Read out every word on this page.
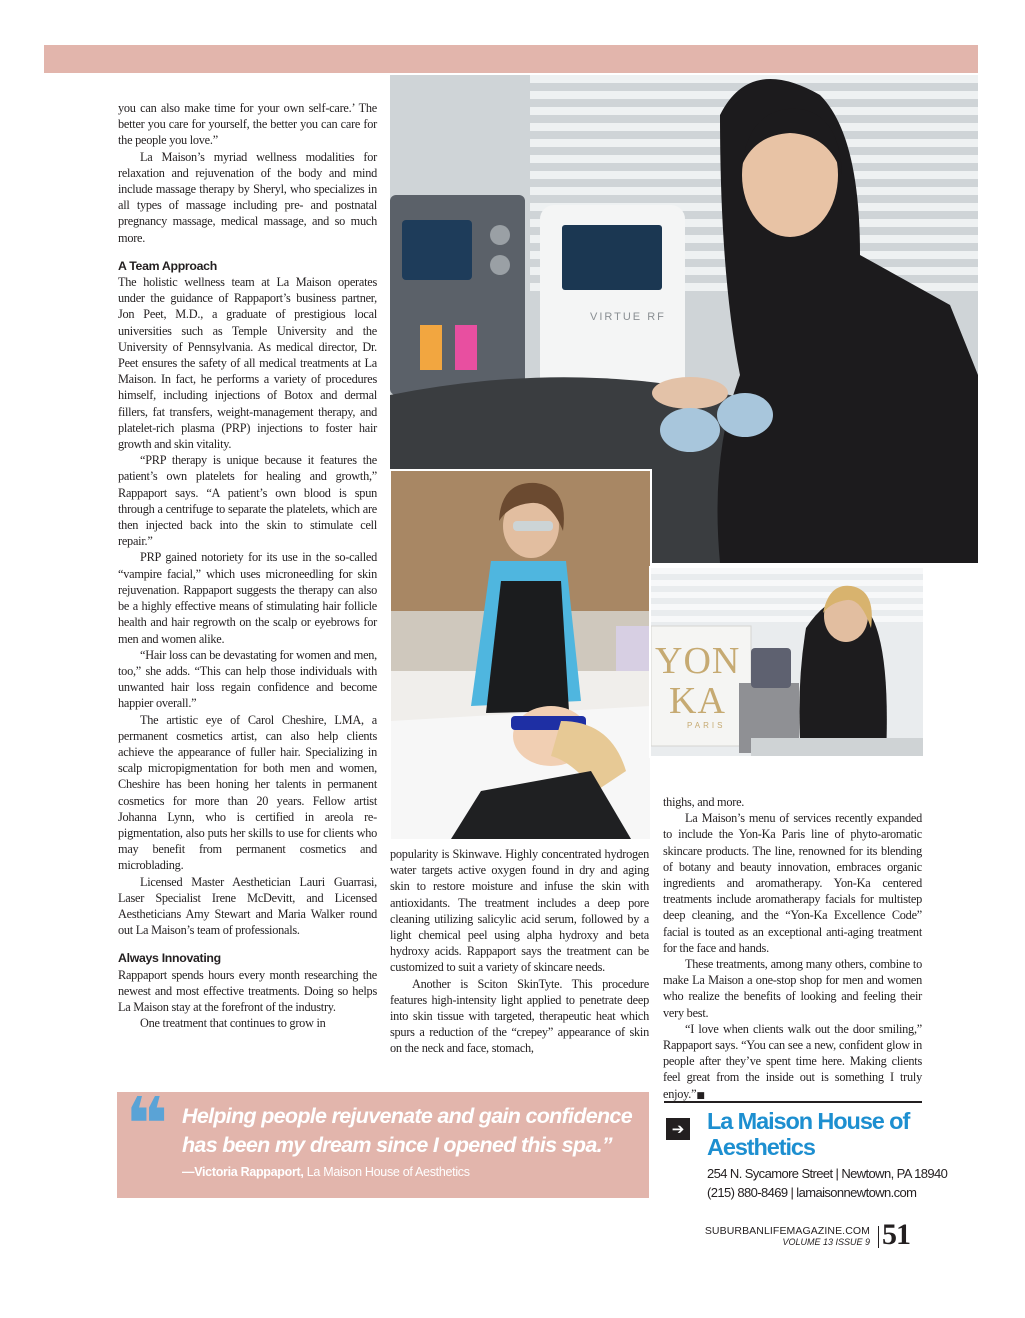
you can also make time for your own self-care.’ The better you care for yourself, the better you can care for the people you love.”

La Maison’s myriad wellness modalities for relaxation and rejuvenation of the body and mind include massage therapy by Sheryl, who specializes in all types of massage including pre- and postnatal pregnancy massage, medical massage, and so much more.

A Team Approach

The holistic wellness team at La Maison operates under the guidance of Rappaport’s business partner, Jon Peet, M.D., a graduate of prestigious local universities such as Temple University and the University of Pennsylvania. As medical director, Dr. Peet ensures the safety of all medical treatments at La Maison. In fact, he performs a variety of procedures himself, including injections of Botox and dermal fillers, fat transfers, weight-management therapy, and platelet-rich plasma (PRP) injections to foster hair growth and skin vitality.

“PRP therapy is unique because it features the patient’s own platelets for healing and growth,” Rappaport says. “A patient’s own blood is spun through a centrifuge to separate the platelets, which are then injected back into the skin to stimulate cell repair.”

PRP gained notoriety for its use in the so-called “vampire facial,” which uses microneedling for skin rejuvenation. Rappaport suggests the therapy can also be a highly effective means of stimulating hair follicle health and hair regrowth on the scalp or eyebrows for men and women alike.

“Hair loss can be devastating for women and men, too,” she adds. “This can help those individuals with unwanted hair loss regain confidence and become happier overall.”

The artistic eye of Carol Cheshire, LMA, a permanent cosmetics artist, can also help clients achieve the appearance of fuller hair. Specializing in scalp micropigmentation for both men and women, Cheshire has been honing her talents in permanent cosmetics for more than 20 years. Fellow artist Johanna Lynn, who is certified in areola re-pigmentation, also puts her skills to use for clients who may benefit from permanent cosmetics and microblading.

Licensed Master Aesthetician Lauri Guarrasi, Laser Specialist Irene McDevitt, and Licensed Aestheticians Amy Stewart and Maria Walker round out La Maison’s team of professionals.

Always Innovating

Rappaport spends hours every month researching the newest and most effective treatments. Doing so helps La Maison stay at the forefront of the industry.

One treatment that continues to grow in

VIRTUE RF
YON
KA
PARIS

popularity is Skinwave. Highly concentrated hydrogen water targets active oxygen found in dry and aging skin to restore moisture and infuse the skin with antioxidants. The treatment includes a deep pore cleaning utilizing salicylic acid serum, followed by a light chemical peel using alpha hydroxy and beta hydroxy acids. Rappaport says the treatment can be customized to suit a variety of skincare needs.

Another is Sciton SkinTyte. This procedure features high-intensity light applied to penetrate deep into skin tissue with targeted, therapeutic heat which spurs a reduction of the “crepey” appearance of skin on the neck and face, stomach,

thighs, and more.

La Maison’s menu of services recently expanded to include the Yon-Ka Paris line of phyto-aromatic skincare products. The line, renowned for its blending of botany and beauty innovation, embraces organic ingredients and aromatherapy. Yon-Ka centered treatments include aromatherapy facials for multistep deep cleaning, and the “Yon-Ka Excellence Code” facial is touted as an exceptional anti-aging treatment for the face and hands.

These treatments, among many others, combine to make La Maison a one-stop shop for men and women who realize the benefits of looking and feeling their very best.

“I love when clients walk out the door smiling,” Rappaport says. “You can see a new, confident glow in people after they’ve spent time here. Making clients feel great from the inside out is something I truly enjoy.”■

❝ Helping people rejuvenate and gain confidence has been my dream since I opened this spa.”
—Victoria Rappaport, La Maison House of Aesthetics
➔ La Maison House of Aesthetics
254 N. Sycamore Street | Newtown, PA 18940
(215) 880-8469 | lamaisonnewtown.com
SUBURBANLIFEMAGAZINE.COM
VOLUME 13 ISSUE 9 51
